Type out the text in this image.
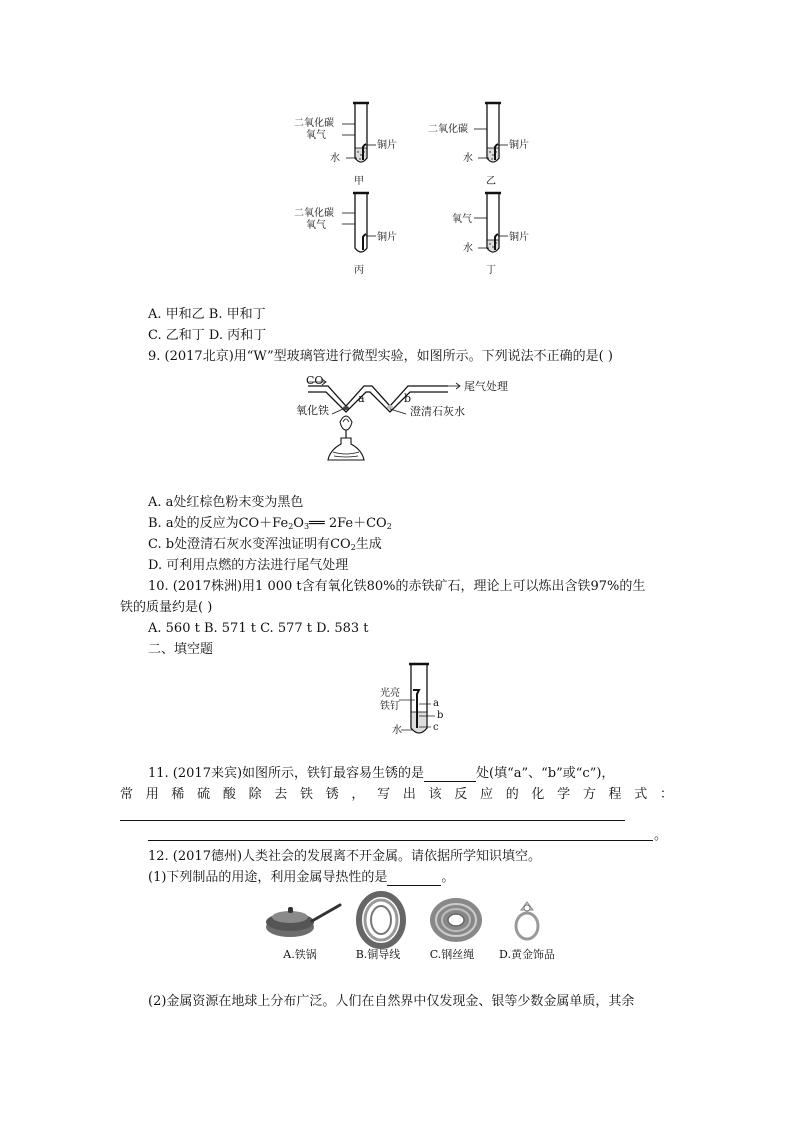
二氧化碳
氧气
水
铜片
甲
二氧化碳
水
铜片
乙
二氧化碳
氧气
铜片
丙
氧气
水
铜片
丁
A. 甲和乙 B. 甲和丁
C. 乙和丁 D. 丙和丁
9. (2017北京)用“W”型玻璃管进行微型实验，如图所示。下列说法不正确的是( )
CO	尾气处理
氧化铁
a	b
澄清石灰水
A. a处红棕色粉末变为黑色
B. a处的反应为$CO+Fe_2O_3══$ $2Fe+CO_2$
C. b处澄清石灰水变浑浊证明有$CO_2$生成
D. 可利用点燃的方法进行尾气处理
10. (2017株洲)用1 000 t含有氧化铁80%的赤铁矿石，理论上可以炼出含铁97%的生
铁的质量约是( )
A. 560 t B. 571 t C. 577 t D. 583 t
二、填空题
光亮
铁钉
水
a
b
c
11. (2017来宾)如图所示，铁钉最容易生锈的是	处(填“a”、“b”或“c”)，
常用稀硫酸除去铁锈，写出该反应的化学方程式：
。
12. (2017德州)人类社会的发展离不开金属。请依据所学知识填空。
(1)下列制品的用途，利用金属导热性的是	。
A.铁锅	B.铜导线	C.钢丝绳	D.黄金饰品
(2)金属资源在地球上分布广泛。人们在自然界中仅发现金、银等少数金属单质，其余
